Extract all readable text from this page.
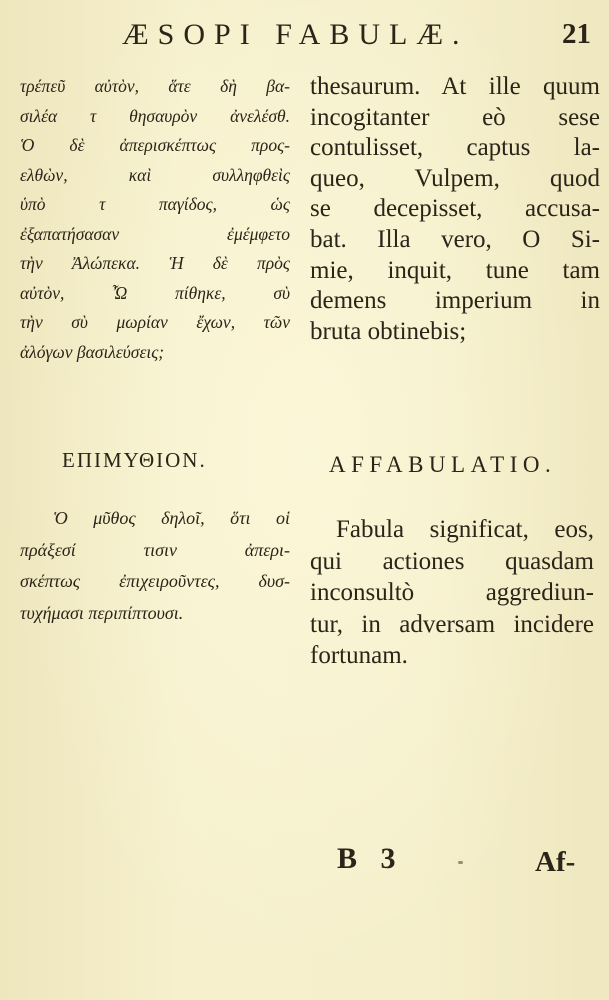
ÆSOPI FABULÆ.	21
τρέπεῦ αὐτὸν, ἅτε δὴ βα-
σιλέα τ θησαυρὸν ἀνελέσθ.
Ὁ δὲ ἀπερισκέπτως προς-
ελθὼν, καὶ συλληφθεὶς
ὑπὸ τ παγίδος, ὡς
ἐξαπατήσασαν ἐμέμφετο
τὴν Ἀλώπεκα. Ἡ δὲ πρὸς
αὐτὸν, Ὦ πίθηκε, σὺ
τὴν σὺ μωρίαν ἔχων, τῶν
ἀλόγων βασιλεύσεις;
thesaurum. At ille quum
incogitanter eò sese
contulisset, captus la-
queo, Vulpem, quod
se decepisset, accusa-
bat. Illa vero, O Si-
mie, inquit, tune tam
demens imperium in
bruta obtinebis;
ΕΠΙΜΥΘΙΟΝ.	AFFABULATIO.
Ὁ μῦθος δηλοῖ, ὅτι οἱ
πράξεσί τισιν ἀπερι-
σκέπτως ἐπιχειροῦντες, δυσ-
τυχήμασι περιπίπτουσι.
Fabula significat, eos,
qui actiones quasdam
inconsultò aggrediun-
tur, in adversam incidere
fortunam.
B 3	Af-
